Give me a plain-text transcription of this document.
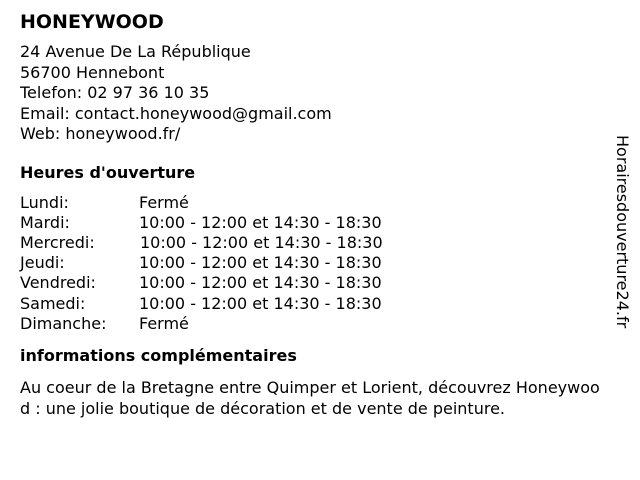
HONEYWOOD
24 Avenue De La République
56700 Hennebont
Telefon: 02 97 36 10 35
Email: contact.honeywood@gmail.com
Web: honeywood.fr/
Heures d'ouverture
Lundi:	Fermé
Mardi:	10:00 - 12:00 et 14:30 - 18:30
Mercredi:	10:00 - 12:00 et 14:30 - 18:30
Jeudi:	10:00 - 12:00 et 14:30 - 18:30
Vendredi:	10:00 - 12:00 et 14:30 - 18:30
Samedi:	10:00 - 12:00 et 14:30 - 18:30
Dimanche:	Fermé
informations complémentaires
Au coeur de la Bretagne entre Quimper et Lorient, découvrez Honeywood : une jolie boutique de décoration et de vente de peinture.
Horairesdouverture24.fr
